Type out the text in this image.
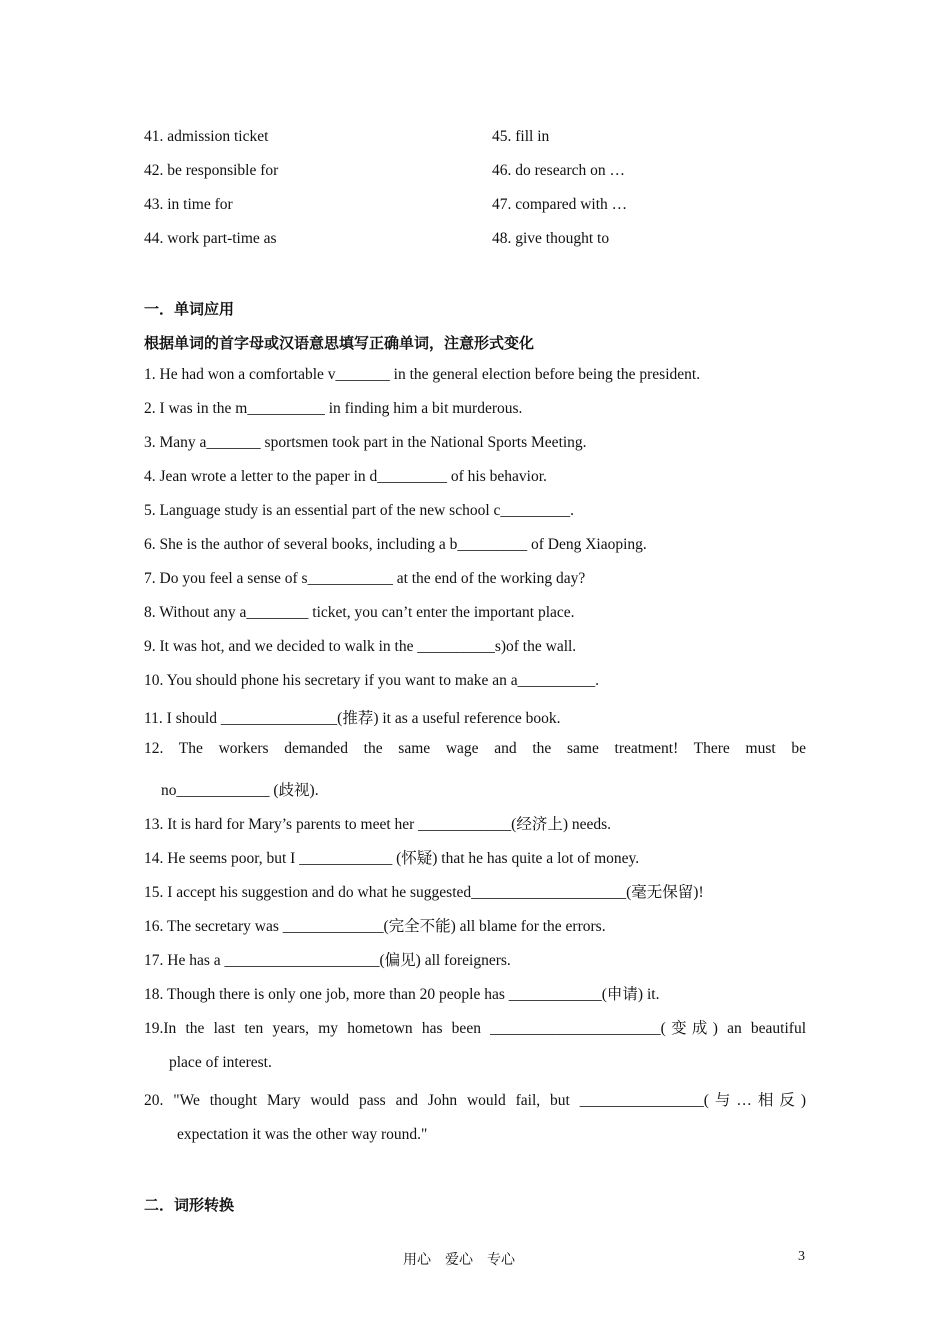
41. admission ticket
42. be responsible for
43. in time for
44. work part-time as
45. fill in
46. do research on …
47. compared with …
48. give thought to
一．单词应用
根据单词的首字母或汉语意思填写正确单词，注意形式变化
1. He had won a comfortable v_______ in the general election before being the president.
2. I was in the m__________ in finding him a bit murderous.
3. Many a_______ sportsmen took part in the National Sports Meeting.
4. Jean wrote a letter to the paper in d_________ of his behavior.
5. Language study is an essential part of the new school c_________.
6. She is the author of several books, including a b_________ of Deng Xiaoping.
7. Do you feel a sense of s___________ at the end of the working day?
8. Without any a________ ticket, you can’t enter the important place.
9. It was hot, and we decided to walk in the __________s)of the wall.
10. You should phone his secretary if you want to make an a__________.
11. I should _______________(推荐) it as a useful reference book.
12. The workers demanded the same wage and the same treatment! There must be
no____________ (歧视).
13. It is hard for Mary’s parents to meet her ____________(经济上) needs.
14. He seems poor, but I ____________ (怀疑) that he has quite a lot of money.
15. I accept his suggestion and do what he suggested____________________(毫无保留)!
16. The secretary was _____________(完全不能) all blame for the errors.
17. He has a ____________________(偏见) all foreigners.
18. Though there is only one job, more than 20 people has ____________(申请) it.
19.In the last ten years, my hometown has been ______________________(变成) an beautiful
place of interest.
20. "We thought Mary would pass and John would fail, but ________________(与…相反)
expectation it was the other way round."
二．词形转换
用心　爱心　专心	3
